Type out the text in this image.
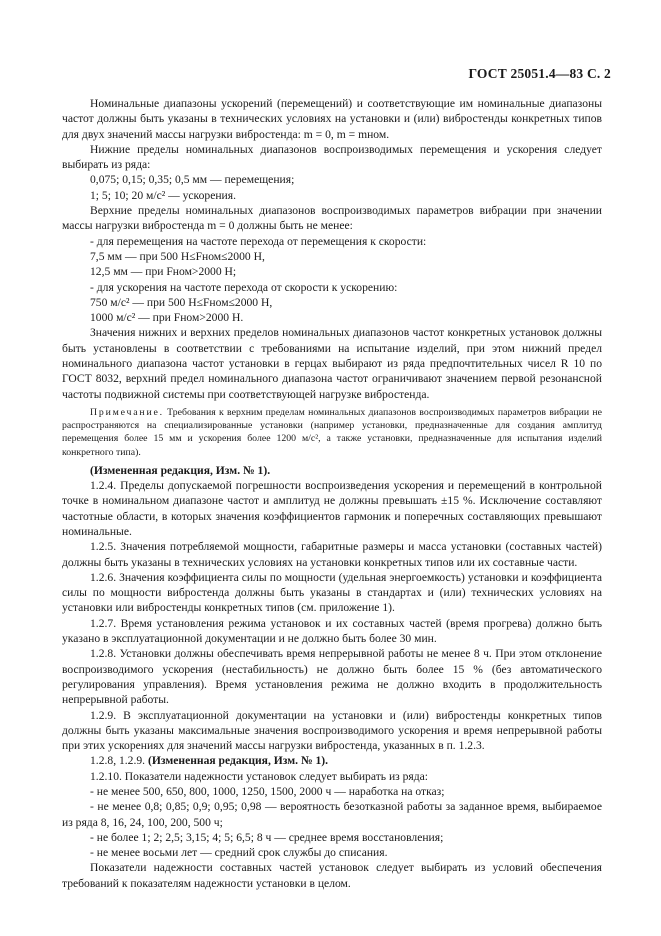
ГОСТ 25051.4—83 С. 2

Номинальные диапазоны ускорений (перемещений) и соответствующие им номинальные диапазоны частот должны быть указаны в технических условиях на установки и (или) вибростенды конкретных типов для двух значений массы нагрузки вибростенда: m = 0, m = mном.

Нижние пределы номинальных диапазонов воспроизводимых перемещения и ускорения следует выбирать из ряда:

0,075; 0,15; 0,35; 0,5 мм — перемещения;

1; 5; 10; 20 м/с² — ускорения.

Верхние пределы номинальных диапазонов воспроизводимых параметров вибрации при значении массы нагрузки вибростенда m = 0 должны быть не менее:

- для перемещения на частоте перехода от перемещения к скорости:

7,5 мм — при 500 Н≤Fном≤2000 Н,

12,5 мм — при Fном>2000 Н;

- для ускорения на частоте перехода от скорости к ускорению:

750 м/с² — при 500 Н≤Fном≤2000 Н,

1000 м/с² — при Fном>2000 Н.

Значения нижних и верхних пределов номинальных диапазонов частот конкретных установок должны быть установлены в соответствии с требованиями на испытание изделий, при этом нижний предел номинального диапазона частот установки в герцах выбирают из ряда предпочтительных чисел R 10 по ГОСТ 8032, верхний предел номинального диапазона частот ограничивают значением первой резонансной частоты подвижной системы при соответствующей нагрузке вибростенда.

Примечание. Требования к верхним пределам номинальных диапазонов воспроизводимых параметров вибрации не распространяются на специализированные установки (например установки, предназначенные для создания амплитуд перемещения более 15 мм и ускорения более 1200 м/с², а также установки, предназначенные для испытания изделий конкретного типа).

(Измененная редакция, Изм. № 1).

1.2.4. Пределы допускаемой погрешности воспроизведения ускорения и перемещений в контрольной точке в номинальном диапазоне частот и амплитуд не должны превышать ±15 %. Исключение составляют частотные области, в которых значения коэффициентов гармоник и поперечных составляющих превышают номинальные.

1.2.5. Значения потребляемой мощности, габаритные размеры и масса установки (составных частей) должны быть указаны в технических условиях на установки конкретных типов или их составные части.

1.2.6. Значения коэффициента силы по мощности (удельная энергоемкость) установки и коэффициента силы по мощности вибростенда должны быть указаны в стандартах и (или) технических условиях на установки или вибростенды конкретных типов (см. приложение 1).

1.2.7. Время установления режима установок и их составных частей (время прогрева) должно быть указано в эксплуатационной документации и не должно быть более 30 мин.

1.2.8. Установки должны обеспечивать время непрерывной работы не менее 8 ч. При этом отклонение воспроизводимого ускорения (нестабильность) не должно быть более 15 % (без автоматического регулирования управления). Время установления режима не должно входить в продолжительность непрерывной работы.

1.2.9. В эксплуатационной документации на установки и (или) вибростенды конкретных типов должны быть указаны максимальные значения воспроизводимого ускорения и время непрерывной работы при этих ускорениях для значений массы нагрузки вибростенда, указанных в п. 1.2.3.

1.2.8, 1.2.9. (Измененная редакция, Изм. № 1).

1.2.10. Показатели надежности установок следует выбирать из ряда:

- не менее 500, 650, 800, 1000, 1250, 1500, 2000 ч — наработка на отказ;

- не менее 0,8; 0,85; 0,9; 0,95; 0,98 — вероятность безотказной работы за заданное время, выбираемое из ряда 8, 16, 24, 100, 200, 500 ч;

- не более 1; 2; 2,5; 3,15; 4; 5; 6,5; 8 ч — среднее время восстановления;

- не менее восьми лет — средний срок службы до списания.

Показатели надежности составных частей установок следует выбирать из условий обеспечения требований к показателям надежности установки в целом.
